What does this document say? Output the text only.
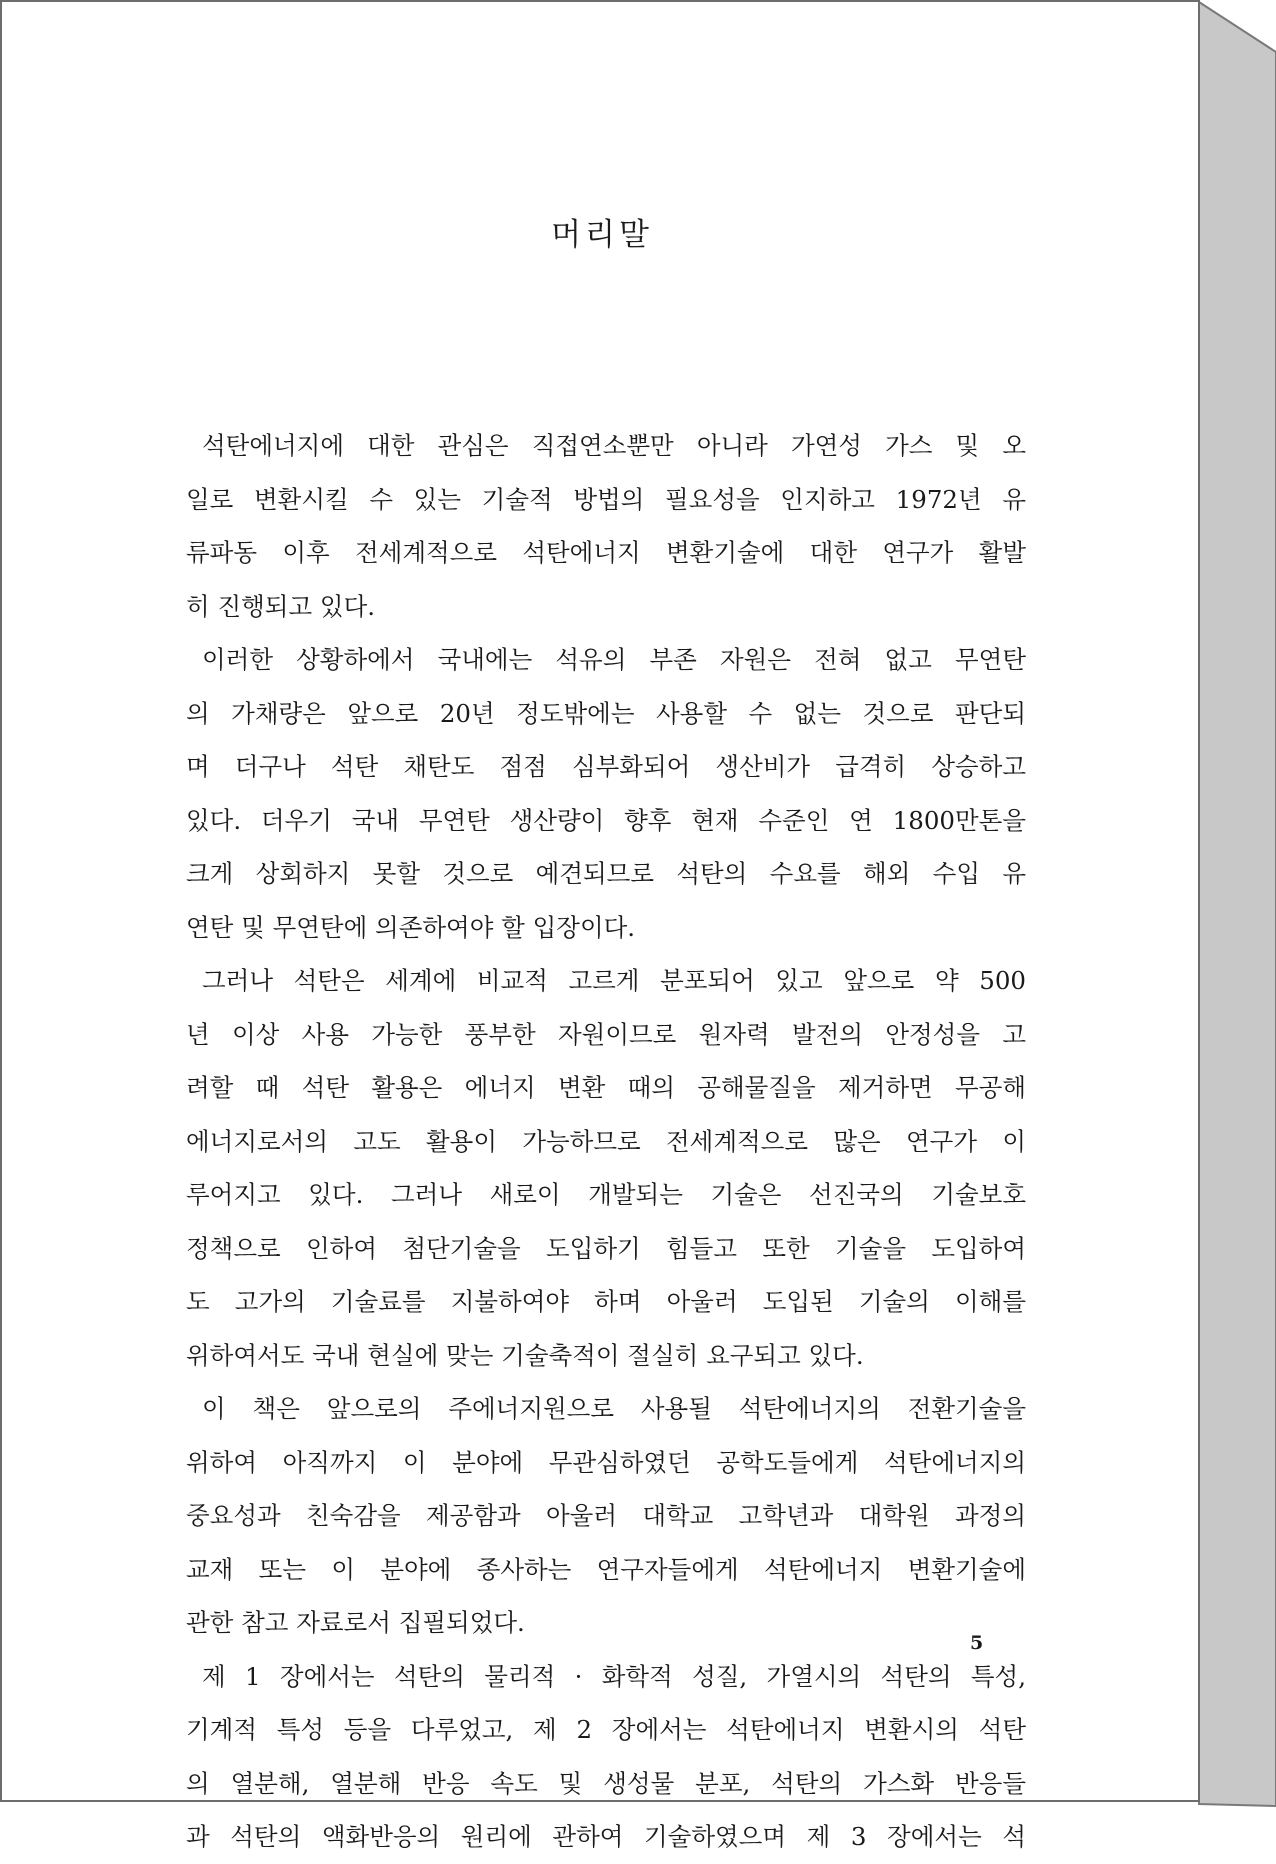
머리말
석탄에너지에 대한 관심은 직접연소뿐만 아니라 가연성 가스 및 오
일로 변환시킬 수 있는 기술적 방법의 필요성을 인지하고 1972년 유
류파동 이후 전세계적으로 석탄에너지 변환기술에 대한 연구가 활발
히 진행되고 있다.
이러한 상황하에서 국내에는 석유의 부존 자원은 전혀 없고 무연탄
의 가채량은 앞으로 20년 정도밖에는 사용할 수 없는 것으로 판단되
며 더구나 석탄 채탄도 점점 심부화되어 생산비가 급격히 상승하고
있다. 더우기 국내 무연탄 생산량이 향후 현재 수준인 연 1800만톤을
크게 상회하지 못할 것으로 예견되므로 석탄의 수요를 해외 수입 유
연탄 및 무연탄에 의존하여야 할 입장이다.
그러나 석탄은 세계에 비교적 고르게 분포되어 있고 앞으로 약 500
년 이상 사용 가능한 풍부한 자원이므로 원자력 발전의 안정성을 고
려할 때 석탄 활용은 에너지 변환 때의 공해물질을 제거하면 무공해
에너지로서의 고도 활용이 가능하므로 전세계적으로 많은 연구가 이
루어지고 있다. 그러나 새로이 개발되는 기술은 선진국의 기술보호
정책으로 인하여 첨단기술을 도입하기 힘들고 또한 기술을 도입하여
도 고가의 기술료를 지불하여야 하며 아울러 도입된 기술의 이해를
위하여서도 국내 현실에 맞는 기술축적이 절실히 요구되고 있다.
이 책은 앞으로의 주에너지원으로 사용될 석탄에너지의 전환기술을
위하여 아직까지 이 분야에 무관심하였던 공학도들에게 석탄에너지의
중요성과 친숙감을 제공함과 아울러 대학교 고학년과 대학원 과정의
교재 또는 이 분야에 종사하는 연구자들에게 석탄에너지 변환기술에
관한 참고 자료로서 집필되었다.
제 1 장에서는 석탄의 물리적 · 화학적 성질, 가열시의 석탄의 특성,
기계적 특성 등을 다루었고, 제 2 장에서는 석탄에너지 변환시의 석탄
의 열분해, 열분해 반응 속도 및 생성물 분포, 석탄의 가스화 반응들
과 석탄의 액화반응의 원리에 관하여 기술하였으며 제 3 장에서는 석
5
